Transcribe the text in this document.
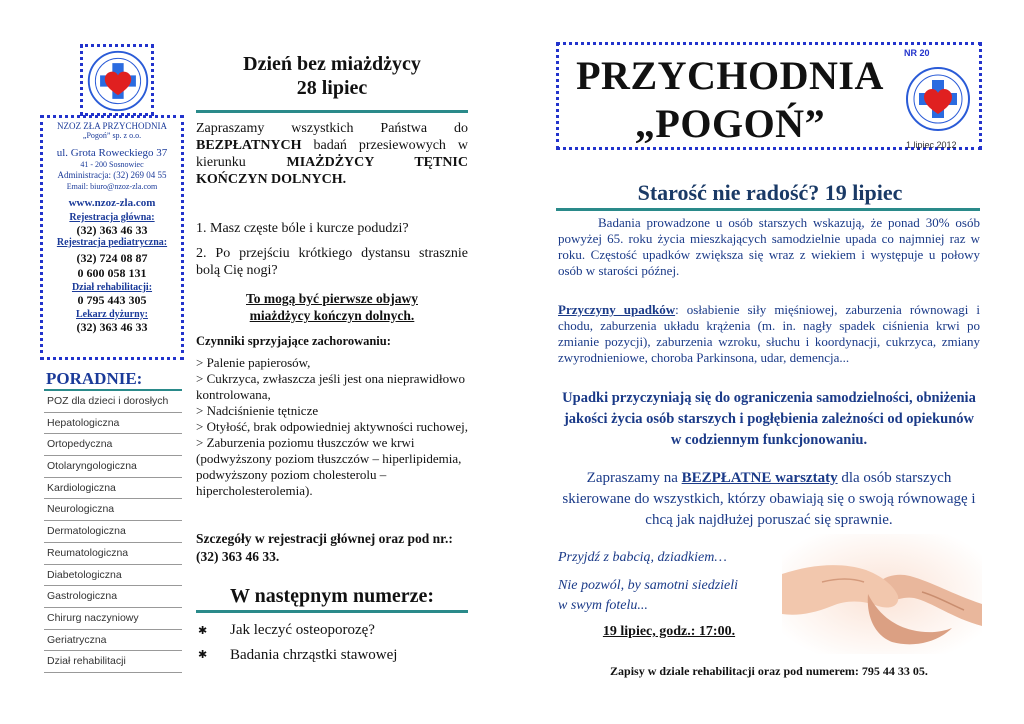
NZOZ ZŁA PRZYCHODNIA
„Pogoń” sp. z o.o.
ul. Grota Roweckiego 37
41 - 200 Sosnowiec
Administracja: (32) 269 04 55
Email: biuro@nzoz-zla.com
www.nzoz-zla.com
Rejestracja główna:
(32) 363 46 33
Rejestracja pediatryczna:
(32) 724 08 87
0 600 058 131
Dział rehabilitacji:
0 795 443 305
Lekarz dyżurny:
(32) 363 46 33
PORADNIE:
POZ dla dzieci i dorosłych
Hepatologiczna
Ortopedyczna
Otolaryngologiczna
Kardiologiczna
Neurologiczna
Dermatologiczna
Reumatologiczna
Diabetologiczna
Gastrologiczna
Chirurg naczyniowy
Geriatryczna
Dział rehabilitacji
Dzień bez miażdżycy
28 lipiec
Zapraszamy wszystkich Państwa do BEZPŁATNYCH badań przesiewowych w kierunku MIAŻDŻYCY TĘTNIC KOŃCZYN DOLNYCH.
1. Masz częste bóle i kurcze podudzi?
2. Po przejściu krótkiego dystansu strasznie bolą Cię nogi?
To mogą być pierwsze objawy miażdżycy kończyn dolnych.
Czynniki sprzyjające zachorowaniu:
> Palenie papierosów,
> Cukrzyca, zwłaszcza jeśli jest ona nieprawidłowo kontrolowana,
> Nadciśnienie tętnicze
> Otyłość, brak odpowiedniej aktywności ruchowej,
> Zaburzenia poziomu tłuszczów we krwi (podwyższony poziom tłuszczów – hiperlipidemia, podwyższony poziom cholesterolu – hipercholesterolemia).
Szczegóły w rejestracji głównej oraz pod nr.: (32) 363 46 33.
W następnym numerze:
✱ Jak leczyć osteoporozę?
✱ Badania chrząstki stawowej
NR 20
PRZYCHODNIA
„POGOŃ”	1 lipiec 2012
Starość nie radość? 19 lipiec
Badania prowadzone u osób starszych wskazują, że ponad 30% osób powyżej 65. roku życia mieszkających samodzielnie upada co najmniej raz w roku. Częstość upadków zwiększa się wraz z wiekiem i występuje u połowy osób w starości późnej.
Przyczyny upadków: osłabienie siły mięśniowej, zaburzenia równowagi i chodu, zaburzenia układu krążenia (m. in. nagły spadek ciśnienia krwi po zmianie pozycji), zaburzenia wzroku, słuchu i koordynacji, cukrzyca, zmiany zwyrodnieniowe, choroba Parkinsona, udar, demencja...
Upadki przyczyniają się do ograniczenia samodzielności, obniżenia jakości życia osób starszych i pogłębienia zależności od opiekunów w codziennym funkcjonowaniu.
Zapraszamy na BEZPŁATNE warsztaty dla osób starszych skierowane do wszystkich, którzy obawiają się o swoją równowagę i chcą jak najdłużej poruszać się sprawnie.
Przyjdź z babcią, dziadkiem…
Nie pozwól, by samotni siedzieli
w swym fotelu...
19 lipiec, godz.: 17:00.
Zapisy w dziale rehabilitacji oraz pod numerem: 795 44 33 05.
